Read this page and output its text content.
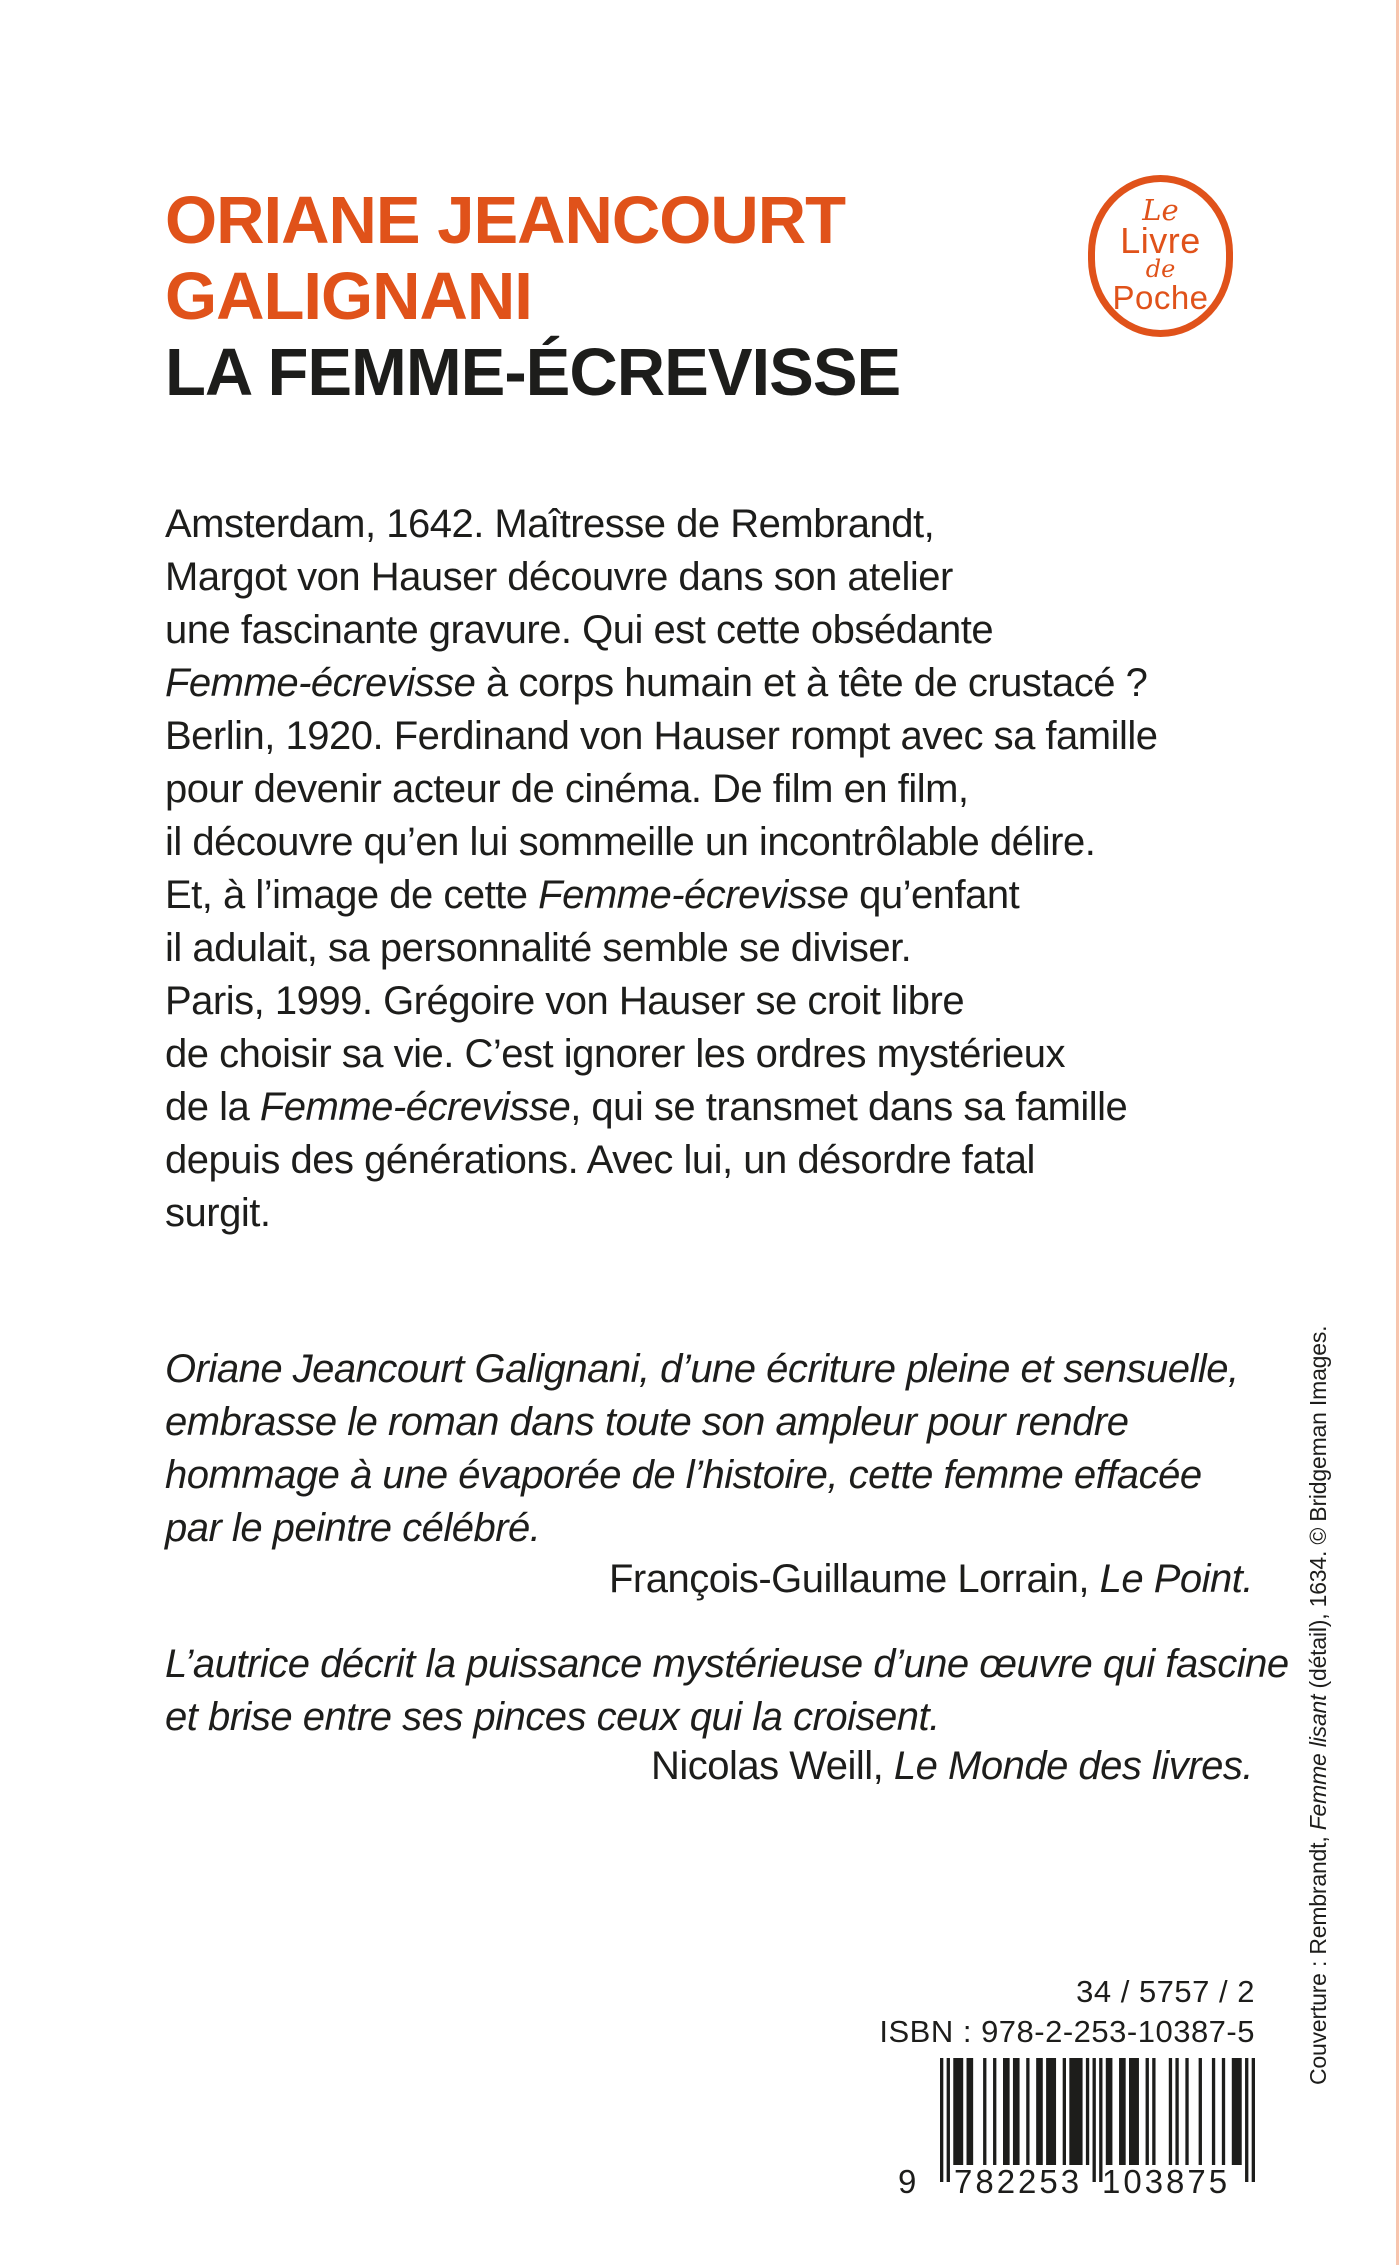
ORIANE JEANCOURT
GALIGNANI
LA FEMME-ÉCREVISSE
Le
Livre
de
Poche
Amsterdam, 1642. Maîtresse de Rembrandt,
Margot von Hauser découvre dans son atelier
une fascinante gravure. Qui est cette obsédante
Femme-écrevisse à corps humain et à tête de crustacé ?
Berlin, 1920. Ferdinand von Hauser rompt avec sa famille
pour devenir acteur de cinéma. De film en film,
il découvre qu’en lui sommeille un incontrôlable délire.
Et, à l’image de cette Femme-écrevisse qu’enfant
il adulait, sa personnalité semble se diviser.
Paris, 1999. Grégoire von Hauser se croit libre
de choisir sa vie. C’est ignorer les ordres mystérieux
de la Femme-écrevisse, qui se transmet dans sa famille
depuis des générations. Avec lui, un désordre fatal
surgit.
Oriane Jeancourt Galignani, d’une écriture pleine et sensuelle,
embrasse le roman dans toute son ampleur pour rendre
hommage à une évaporée de l’histoire, cette femme effacée
par le peintre célébré.
François-Guillaume Lorrain, Le Point.
L’autrice décrit la puissance mystérieuse d’une œuvre qui fascine
et brise entre ses pinces ceux qui la croisent.
Nicolas Weill, Le Monde des livres.
34 / 5757 / 2
ISBN : 978-2-253-10387-5
9 782253 103875
Couverture : Rembrandt, Femme lisant (détail), 1634. © Bridgeman Images.
